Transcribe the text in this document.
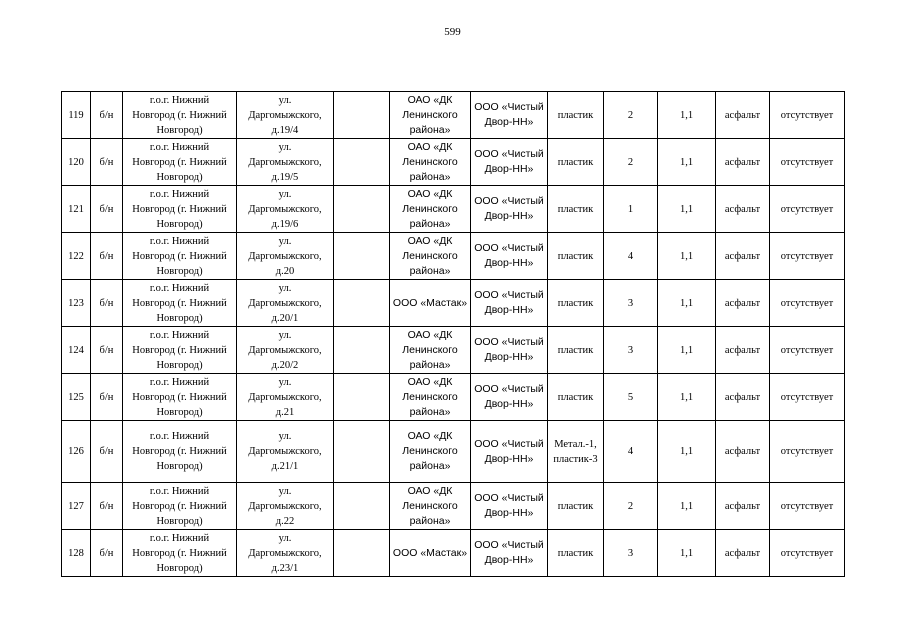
599
119	б/н	г.о.г. Нижний
Новгород (г. Нижний
Новгород)	ул.
Даргомыжского,
д.19/4		ОАО «ДК
Ленинского
района»	ООО «Чистый
Двор-НН»	пластик	2	1,1	асфальт	отсутствует
120	б/н	г.о.г. Нижний
Новгород (г. Нижний
Новгород)	ул.
Даргомыжского,
д.19/5		ОАО «ДК
Ленинского
района»	ООО «Чистый
Двор-НН»	пластик	2	1,1	асфальт	отсутствует
121	б/н	г.о.г. Нижний
Новгород (г. Нижний
Новгород)	ул.
Даргомыжского,
д.19/6		ОАО «ДК
Ленинского
района»	ООО «Чистый
Двор-НН»	пластик	1	1,1	асфальт	отсутствует
122	б/н	г.о.г. Нижний
Новгород (г. Нижний
Новгород)	ул.
Даргомыжского,
д.20		ОАО «ДК
Ленинского
района»	ООО «Чистый
Двор-НН»	пластик	4	1,1	асфальт	отсутствует
123	б/н	г.о.г. Нижний
Новгород (г. Нижний
Новгород)	ул.
Даргомыжского,
д.20/1		ООО «Мастак»	ООО «Чистый
Двор-НН»	пластик	3	1,1	асфальт	отсутствует
124	б/н	г.о.г. Нижний
Новгород (г. Нижний
Новгород)	ул.
Даргомыжского,
д.20/2		ОАО «ДК
Ленинского
района»	ООО «Чистый
Двор-НН»	пластик	3	1,1	асфальт	отсутствует
125	б/н	г.о.г. Нижний
Новгород (г. Нижний
Новгород)	ул.
Даргомыжского,
д.21		ОАО «ДК
Ленинского
района»	ООО «Чистый
Двор-НН»	пластик	5	1,1	асфальт	отсутствует
126	б/н	г.о.г. Нижний
Новгород (г. Нижний
Новгород)	ул.
Даргомыжского,
д.21/1		ОАО «ДК
Ленинского
района»	ООО «Чистый
Двор-НН»	Метал.-1,
пластик-3	4	1,1	асфальт	отсутствует
127	б/н	г.о.г. Нижний
Новгород (г. Нижний
Новгород)	ул.
Даргомыжского,
д.22		ОАО «ДК
Ленинского
района»	ООО «Чистый
Двор-НН»	пластик	2	1,1	асфальт	отсутствует
128	б/н	г.о.г. Нижний
Новгород (г. Нижний
Новгород)	ул.
Даргомыжского,
д.23/1		ООО «Мастак»	ООО «Чистый
Двор-НН»	пластик	3	1,1	асфальт	отсутствует
